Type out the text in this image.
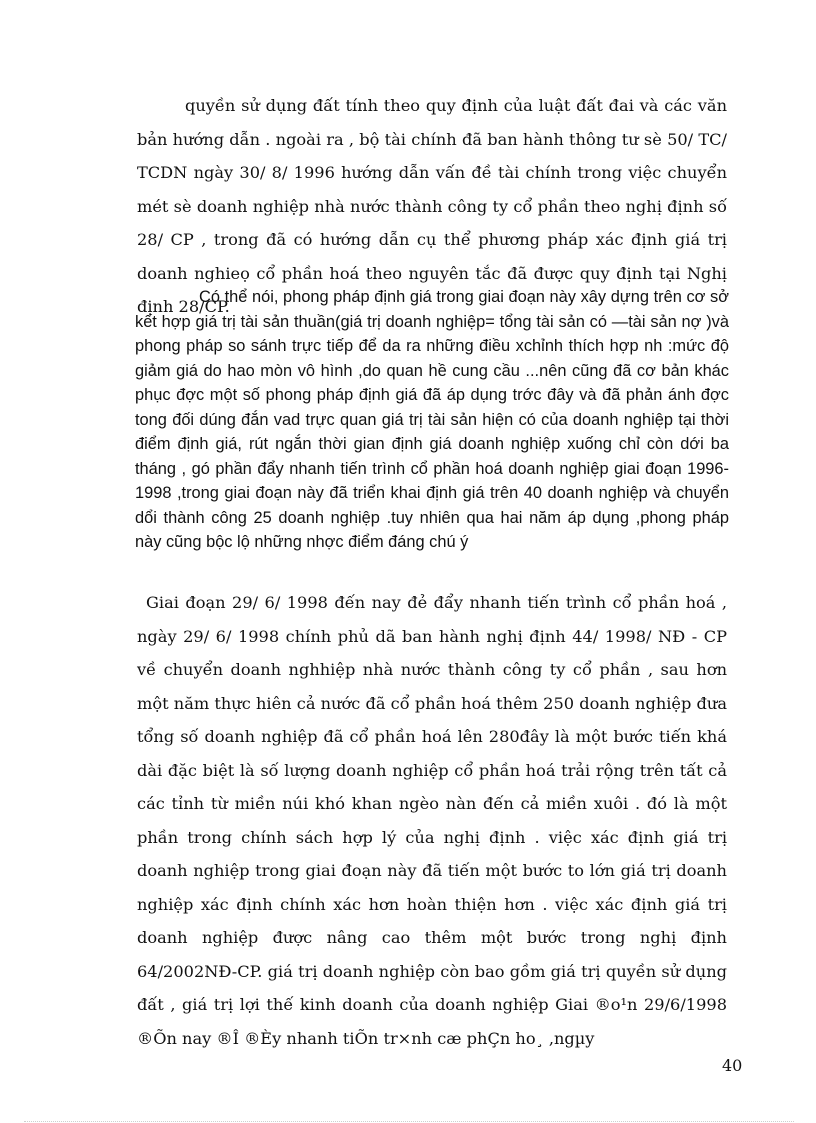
quyền sử dụng đất tính theo quy định của luật đất đai và các văn bản hướng dẫn . ngoài ra , bộ tài chính đã ban hành thông tư sè 50/ TC/ TCDN ngày 30/ 8/ 1996 hướng dẫn vấn đề tài chính trong việc chuyển mét sè doanh nghiệp nhà nước thành công ty cổ phần theo nghị định số 28/ CP , trong đã có hướng dẫn cụ thể phương pháp xác định giá trị doanh nghieọ cổ phần hoá theo nguyên tắc đã được quy định tại Nghị định 28/CP.
Có thể nói, phong pháp định giá trong giai đoạn này xây dựng trên cơ sở kết hợp giá trị tài sản thuần(giá trị doanh nghiệp= tổng tài sản có —tài sản nợ )và phong pháp so sánh trực tiếp để da ra những điều xchỉnh thích hợp nh :mức độ giảm giá do hao mòn vô hình ,do quan hề cung cầu ...nên cũng đã cơ bản khác phục đợc một số phong pháp định giá đã áp dụng trớc đây và đã phản ánh đợc tong đối dúng đắn vad trực quan giá trị tài sản hiện có của doanh nghiệp tại thời điểm định giá, rút ngắn thời gian định giá doanh nghiệp xuống chỉ còn dới ba tháng , gó phần đẩy nhanh tiến trình cổ phần hoá doanh nghiệp giai đoạn 1996-1998 ,trong giai đoạn này đã triển khai định giá trên 40 doanh nghiệp và chuyển dổi thành công 25 doanh nghiệp .tuy nhiên qua hai năm áp dụng ,phong pháp này cũng bộc lộ những nhợc điểm đáng chú ý
Giai đoạn 29/ 6/ 1998 đến nay đẻ đẩy nhanh tiến trình cổ phần hoá , ngày 29/ 6/ 1998 chính phủ dã ban hành nghị định 44/ 1998/ NĐ - CP về chuyển doanh nghhiệp nhà nước thành công ty cổ phần , sau hơn một năm thực hiên cả nước đã cổ phần hoá thêm 250 doanh nghiệp đưa tổng số doanh nghiệp đã cổ phần hoá lên 280đây là một bước tiến khá dài đặc biệt là số lượng doanh nghiệp cổ phần hoá trải rộng trên tất cả các tỉnh từ miền núi khó khan ngèo nàn đến cả miền xuôi . đó là một phần trong chính sách hợp lý của nghị định . việc xác định giá trị doanh nghiệp trong giai đoạn này đã tiến một bước to lớn giá trị doanh nghiệp xác định chính xác hơn hoàn thiện hơn . việc xác định giá trị doanh nghiệp được nâng cao thêm một bước trong nghị định 64/2002NĐ-CP. giá trị doanh nghiệp còn bao gồm giá trị quyền sử dụng đất , giá trị lợi thế kinh doanh của doanh nghiệp Giai ®o¹n 29/6/1998 ®Õn nay ®Î ®Èy nhanh tiÕn tr×nh cæ phÇn ho¸ ,ngµy
40
